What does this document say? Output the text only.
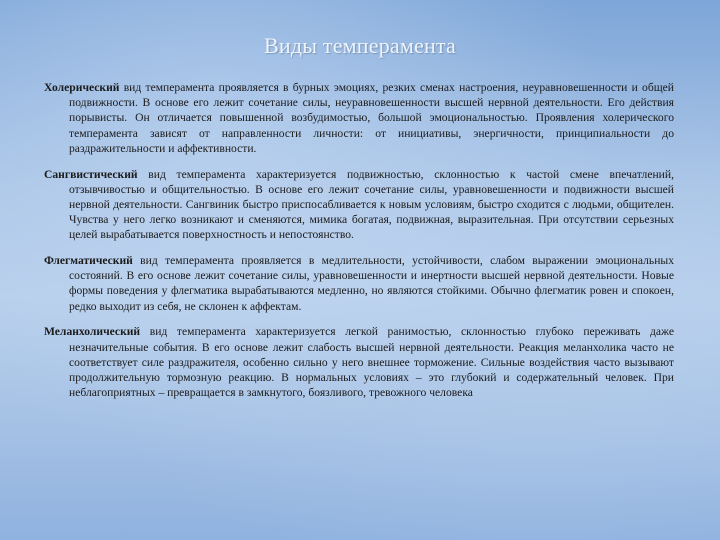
Виды темперамента

Холерический вид темперамента проявляется в бурных эмоциях, резких сменах настроения, неуравновешенности и общей подвижности. В основе его лежит сочетание силы, неуравновешенности высшей нервной деятельности. Его действия порывисты. Он отличается повышенной возбудимостью, большой эмоциональностью. Проявления холерического темперамента зависят от направленности личности: от инициативы, энергичности, принципиальности до раздражительности и аффективности.

Сангвистический вид темперамента характеризуется подвижностью, склонностью к частой смене впечатлений, отзывчивостью и общительностью. В основе его лежит сочетание силы, уравновешенности и подвижности высшей нервной деятельности. Сангвиник быстро приспосабливается к новым условиям, быстро сходится с людьми, общителен. Чувства у него легко возникают и сменяются, мимика богатая, подвижная, выразительная. При отсутствии серьезных целей вырабатывается поверхностность и непостоянство.

Флегматический вид темперамента проявляется в медлительности, устойчивости, слабом выражении эмоциональных состояний. В его основе лежит сочетание силы, уравновешенности и инертности высшей нервной деятельности. Новые формы поведения у флегматика вырабатываются медленно, но являются стойкими. Обычно флегматик ровен и спокоен, редко выходит из себя, не склонен к аффектам.

Меланхолический вид темперамента характеризуется легкой ранимостью, склонностью глубоко переживать даже незначительные события. В его основе лежит слабость высшей нервной деятельности. Реакция меланхолика часто не соответствует силе раздражителя, особенно сильно у него внешнее торможение. Сильные воздействия часто вызывают продолжительную тормозную реакцию. В нормальных условиях – это глубокий и содержательный человек. При неблагоприятных – превращается в замкнутого, боязливого, тревожного человека
